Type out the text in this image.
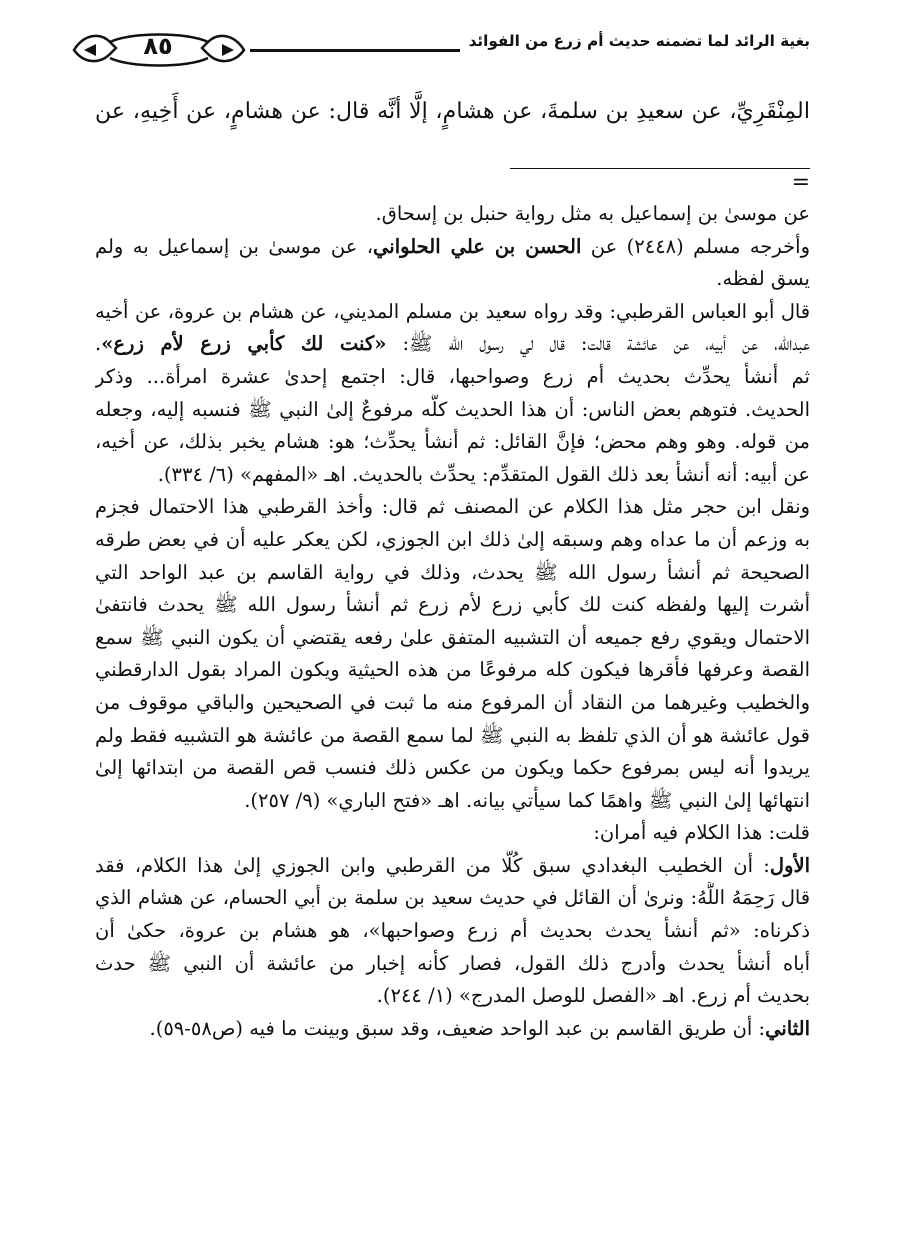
٨٥	بغية الرائد لما تضمنه حديث أم زرع من الفوائد
المِنْقَرِيِّ، عن سعيدِ بن سلمةَ، عن هشامٍ، إلَّا أنَّه قال: عن هشامٍ، عن أَخِيهِ، عن
=

عن موسىٰ بن إسماعيل به مثل رواية حنبل بن إسحاق.

وأخرجه مسلم (٢٤٤٨) عن الحسن بن علي الحلواني، عن موسىٰ بن إسماعيل به ولم
يسق لفظه.

قال أبو العباس القرطبي: وقد رواه سعيد بن مسلم المديني، عن هشام بن عروة، عن أخيه
عبدالله، عن أبيه، عن عائشة قالت: قال لي رسول الله ﷺ: «كنت لك كأبي زرع لأم زرع».
ثم أنشأ يحدِّث بحديث أم زرع وصواحبها، قال: اجتمع إحدىٰ عشرة امرأة... وذكر
الحديث. فتوهم بعض الناس: أن هذا الحديث كلَّه مرفوعٌ إلىٰ النبي ﷺ فنسبه إليه، وجعله
من قوله. وهو وهم محض؛ فإنَّ القائل: ثم أنشأ يحدِّث؛ هو: هشام يخبر بذلك، عن أخيه،
عن أبيه: أنه أنشأ بعد ذلك القول المتقدِّم: يحدِّث بالحديث. اهـ «المفهم» (٦/ ٣٣٤).

ونقل ابن حجر مثل هذا الكلام عن المصنف ثم قال: وأخذ القرطبي هذا الاحتمال فجزم
به وزعم أن ما عداه وهم وسبقه إلىٰ ذلك ابن الجوزي، لكن يعكر عليه أن في بعض طرقه
الصحيحة ثم أنشأ رسول الله ﷺ يحدث، وذلك في رواية القاسم بن عبد الواحد التي
أشرت إليها ولفظه كنت لك كأبي زرع لأم زرع ثم أنشأ رسول الله ﷺ يحدث فانتفىٰ
الاحتمال ويقوي رفع جميعه أن التشبيه المتفق علىٰ رفعه يقتضي أن يكون النبي ﷺ سمع
القصة وعرفها فأقرها فيكون كله مرفوعًا من هذه الحيثية ويكون المراد بقول الدارقطني
والخطيب وغيرهما من النقاد أن المرفوع منه ما ثبت في الصحيحين والباقي موقوف من
قول عائشة هو أن الذي تلفظ به النبي ﷺ لما سمع القصة من عائشة هو التشبيه فقط ولم
يريدوا أنه ليس بمرفوع حكما ويكون من عكس ذلك فنسب قص القصة من ابتدائها إلىٰ
انتهائها إلىٰ النبي ﷺ واهمًا كما سيأتي بيانه. اهـ «فتح الباري» (٩/ ٢٥٧).

قلت: هذا الكلام فيه أمران:

الأول: أن الخطيب البغدادي سبق كُلًّا من القرطبي وابن الجوزي إلىٰ هذا الكلام، فقد
قال رَحِمَهُ اللَّهُ: ونرىٰ أن القائل في حديث سعيد بن سلمة بن أبي الحسام، عن هشام الذي
ذكرناه: «ثم أنشأ يحدث بحديث أم زرع وصواحبها»، هو هشام بن عروة، حكىٰ أن
أباه أنشأ يحدث وأدرج ذلك القول، فصار كأنه إخبار من عائشة أن النبي ﷺ حدث
بحديث أم زرع. اهـ «الفصل للوصل المدرج» (١/ ٢٤٤).

الثاني: أن طريق القاسم بن عبد الواحد ضعيف، وقد سبق وبينت ما فيه (ص٥٨-٥٩).
